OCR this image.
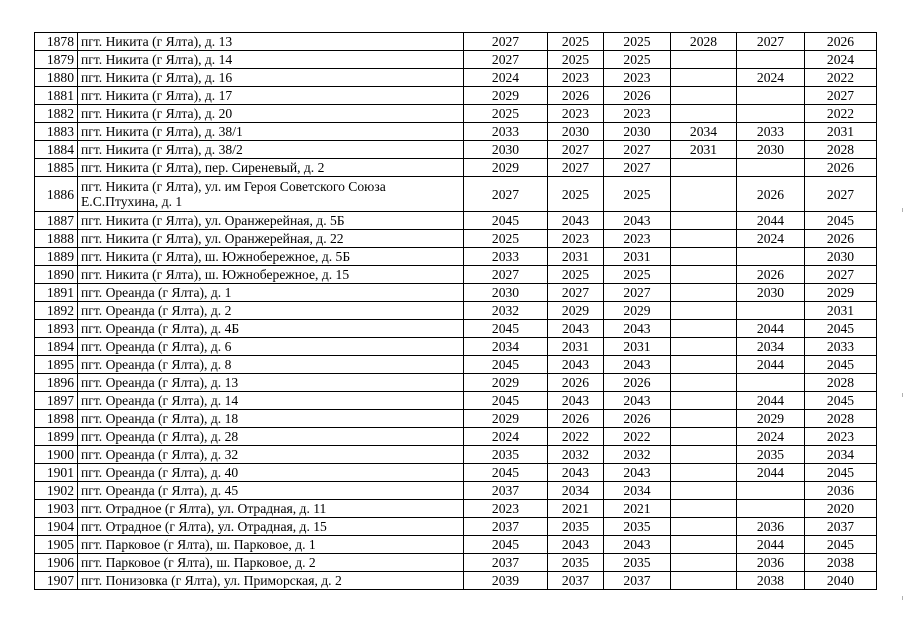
1878	пгт. Никита (г Ялта), д. 13	2027	2025	2025	2028	2027	2026
1879	пгт. Никита (г Ялта), д. 14	2027	2025	2025			2024
1880	пгт. Никита (г Ялта), д. 16	2024	2023	2023		2024	2022
1881	пгт. Никита (г Ялта), д. 17	2029	2026	2026			2027
1882	пгт. Никита (г Ялта), д. 20	2025	2023	2023			2022
1883	пгт. Никита (г Ялта), д. 38/1	2033	2030	2030	2034	2033	2031
1884	пгт. Никита (г Ялта), д. 38/2	2030	2027	2027	2031	2030	2028
1885	пгт. Никита (г Ялта), пер. Сиреневый, д. 2	2029	2027	2027			2026
1886	пгт. Никита (г Ялта), ул. им Героя Советского Союза Е.С.Птухина, д. 1	2027	2025	2025		2026	2027
1887	пгт. Никита (г Ялта), ул. Оранжерейная, д. 5Б	2045	2043	2043		2044	2045
1888	пгт. Никита (г Ялта), ул. Оранжерейная, д. 22	2025	2023	2023		2024	2026
1889	пгт. Никита (г Ялта), ш. Южнобережное, д. 5Б	2033	2031	2031			2030
1890	пгт. Никита (г Ялта), ш. Южнобережное, д. 15	2027	2025	2025		2026	2027
1891	пгт. Ореанда (г Ялта), д. 1	2030	2027	2027		2030	2029
1892	пгт. Ореанда (г Ялта), д. 2	2032	2029	2029			2031
1893	пгт. Ореанда (г Ялта), д. 4Б	2045	2043	2043		2044	2045
1894	пгт. Ореанда (г Ялта), д. 6	2034	2031	2031		2034	2033
1895	пгт. Ореанда (г Ялта), д. 8	2045	2043	2043		2044	2045
1896	пгт. Ореанда (г Ялта), д. 13	2029	2026	2026			2028
1897	пгт. Ореанда (г Ялта), д. 14	2045	2043	2043		2044	2045
1898	пгт. Ореанда (г Ялта), д. 18	2029	2026	2026		2029	2028
1899	пгт. Ореанда (г Ялта), д. 28	2024	2022	2022		2024	2023
1900	пгт. Ореанда (г Ялта), д. 32	2035	2032	2032		2035	2034
1901	пгт. Ореанда (г Ялта), д. 40	2045	2043	2043		2044	2045
1902	пгт. Ореанда (г Ялта), д. 45	2037	2034	2034			2036
1903	пгт. Отрадное (г Ялта), ул. Отрадная, д. 11	2023	2021	2021			2020
1904	пгт. Отрадное (г Ялта), ул. Отрадная, д. 15	2037	2035	2035		2036	2037
1905	пгт. Парковое (г Ялта), ш. Парковое, д. 1	2045	2043	2043		2044	2045
1906	пгт. Парковое (г Ялта), ш. Парковое, д. 2	2037	2035	2035		2036	2038
1907	пгт. Понизовка (г Ялта), ул. Приморская, д. 2	2039	2037	2037		2038	2040
